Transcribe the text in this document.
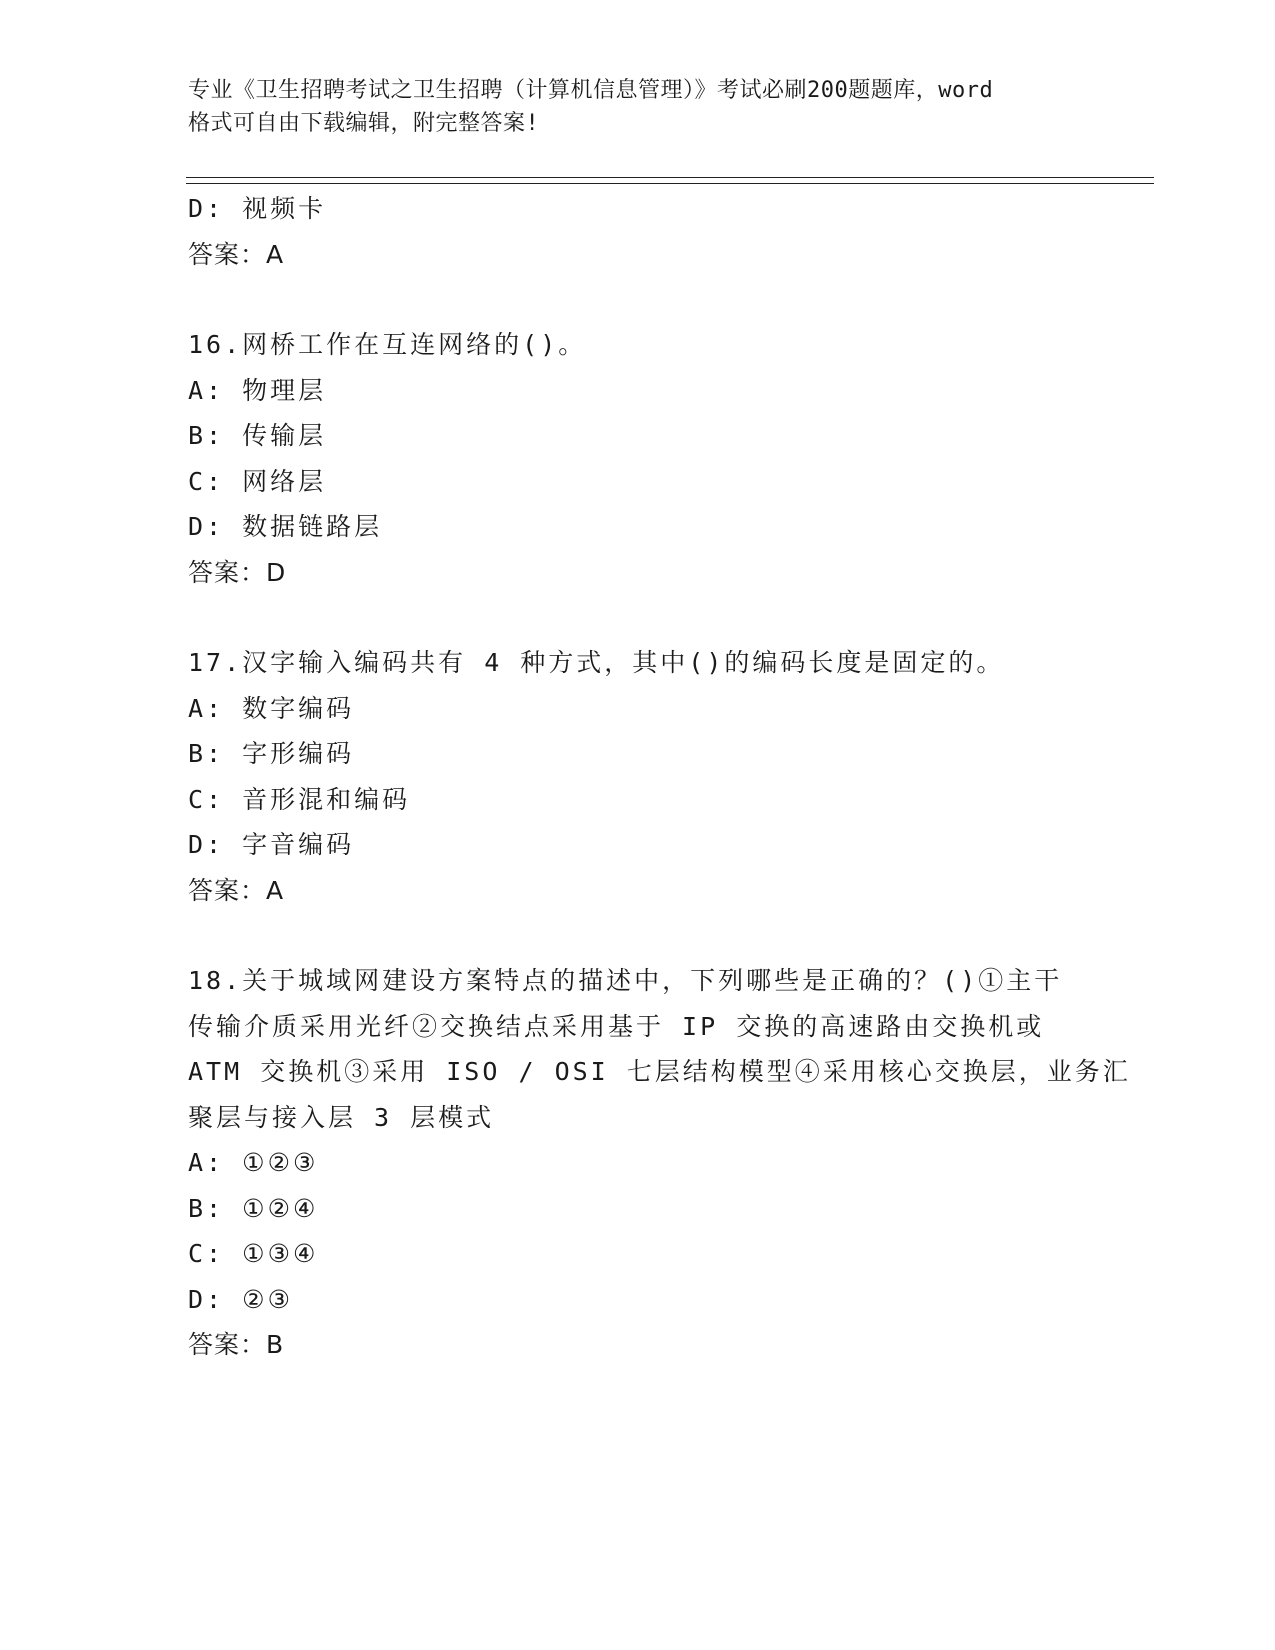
专业《卫生招聘考试之卫生招聘（计算机信息管理）》考试必刷200题题库，word
格式可自由下载编辑，附完整答案!
D: 视频卡
答案：A
16.网桥工作在互连网络的()。
A: 物理层
B: 传输层
C: 网络层
D: 数据链路层
答案：D
17.汉字输入编码共有 4 种方式，其中()的编码长度是固定的。
A: 数字编码
B: 字形编码
C: 音形混和编码
D: 字音编码
答案：A
18.关于城域网建设方案特点的描述中，下列哪些是正确的？()①主干
传输介质采用光纤②交换结点采用基于 IP 交换的高速路由交换机或
ATM 交换机③采用 ISO / OSI 七层结构模型④采用核心交换层，业务汇
聚层与接入层 3 层模式
A: ①②③
B: ①②④
C: ①③④
D: ②③
答案：B
